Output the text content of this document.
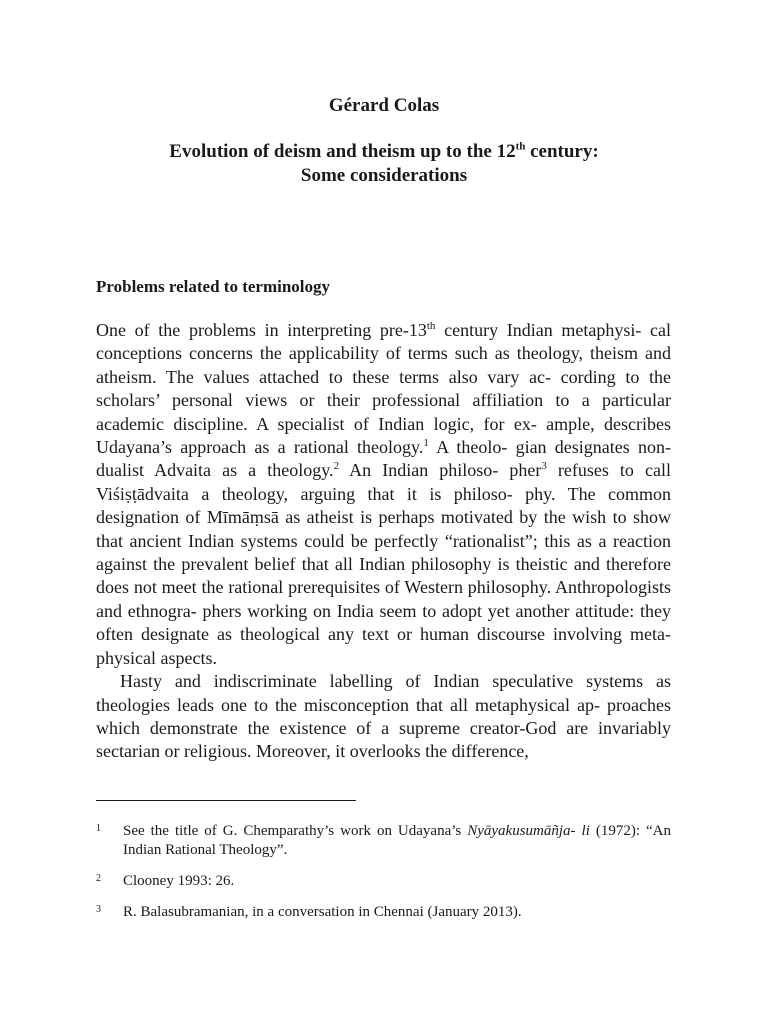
Gérard Colas
Evolution of deism and theism up to the 12th century:
Some considerations
Problems related to terminology

One of the problems in interpreting pre-13th century Indian metaphysi- cal conceptions concerns the applicability of terms such as theology, theism and atheism. The values attached to these terms also vary ac- cording to the scholars’ personal views or their professional affiliation to a particular academic discipline. A specialist of Indian logic, for ex- ample, describes Udayana’s approach as a rational theology.$^1$ A theolo- gian designates non-dualist Advaita as a theology.$^2$ An Indian philoso- pher$^3$ refuses to call Viśiṣṭādvaita a theology, arguing that it is philoso- phy. The common designation of Mīmāṃsā as atheist is perhaps motivated by the wish to show that ancient Indian systems could be perfectly “rationalist”; this as a reaction against the prevalent belief that all Indian philosophy is theistic and therefore does not meet the rational prerequisites of Western philosophy. Anthropologists and ethnogra- phers working on India seem to adopt yet another attitude: they often designate as theological any text or human discourse involving meta- physical aspects.

Hasty and indiscriminate labelling of Indian speculative systems as theologies leads one to the misconception that all metaphysical ap- proaches which demonstrate the existence of a supreme creator-God are invariably sectarian or religious. Moreover, it overlooks the difference,

1	See the title of G. Chemparathy’s work on Udayana’s Nyāyakusumāñja- li (1972): “An Indian Rational Theology”.
2	Clooney 1993: 26.
3	R. Balasubramanian, in a conversation in Chennai (January 2013).
